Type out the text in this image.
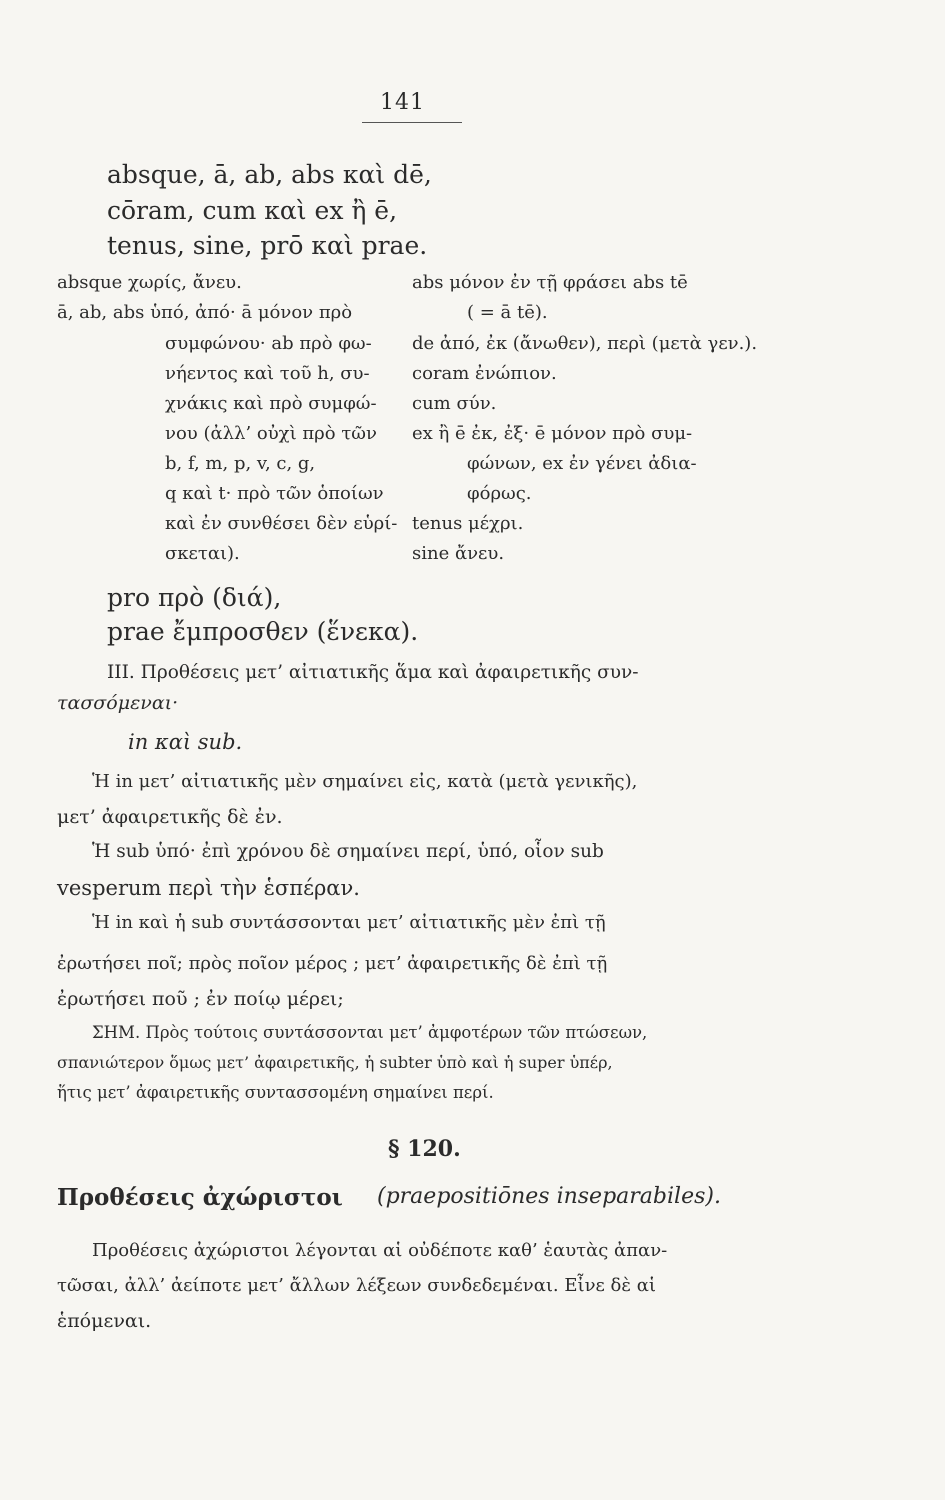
141
absque, ā, ab, abs καὶ dē,
cōram, cum καὶ ex ἢ ē,
tenus, sine, prō καὶ prae.
absque χωρίς, ἄνευ.
ā, ab, abs ὑπό, ἀπό· ā μόνον πρὸ
συμφώνου· ab πρὸ φω-
νήεντος καὶ τοῦ h, συ-
χνάκις καὶ πρὸ συμφώ-
νου (ἀλλ’ οὐχὶ πρὸ τῶν
b, f, m, p, v, c, g,
q καὶ t· πρὸ τῶν ὁποίων
καὶ ἐν συνθέσει δὲν εὑρί-
σκεται).
abs μόνον ἐν τῇ φράσει abs tē
( = ā tē).
de ἀπό, ἐκ (ἄνωθεν), περὶ (μετὰ γεν.).
coram ἐνώπιον.
cum σύν.
ex ἢ ē ἐκ, ἐξ· ē μόνον πρὸ συμ-
φώνων, ex ἐν γένει ἀδια-
φόρως.
tenus μέχρι.
sine ἄνευ.
pro πρὸ (διά),
prae ἔμπροσθεν (ἕνεκα).
III. Προθέσεις μετ’ αἰτιατικῆς ἅμα καὶ ἀφαιρετικῆς συν-
τασσόμεναι·
in καὶ sub.
Ἡ in μετ’ αἰτιατικῆς μὲν σημαίνει εἰς, κατὰ (μετὰ γενικῆς),
μετ’ ἀφαιρετικῆς δὲ ἐν.
Ἡ sub ὑπό· ἐπὶ χρόνου δὲ σημαίνει περί, ὑπό, οἷον sub
vesperum περὶ τὴν ἑσπέραν.
Ἡ in καὶ ἡ sub συντάσσονται μετ’ αἰτιατικῆς μὲν ἐπὶ τῇ
ἐρωτήσει ποῖ; πρὸς ποῖον μέρος ; μετ’ ἀφαιρετικῆς δὲ ἐπὶ τῇ
ἐρωτήσει ποῦ ; ἐν ποίῳ μέρει;
ΣΗΜ. Πρὸς τούτοις συντάσσονται μετ’ ἀμφοτέρων τῶν πτώσεων,
σπανιώτερον ὅμως μετ’ ἀφαιρετικῆς, ἡ subter ὑπὸ καὶ ἡ super ὑπέρ,
ἥτις μετ’ ἀφαιρετικῆς συντασσομένη σημαίνει περί.
§ 120.
Προθέσεις ἀχώριστοι (praepositiōnes inseparabiles).
Προθέσεις ἀχώριστοι λέγονται αἱ οὐδέποτε καθ’ ἑαυτὰς ἀπαν-
τῶσαι, ἀλλ’ ἀείποτε μετ’ ἄλλων λέξεων συνδεδεμέναι. Εἶνε δὲ αἱ
ἑπόμεναι.
